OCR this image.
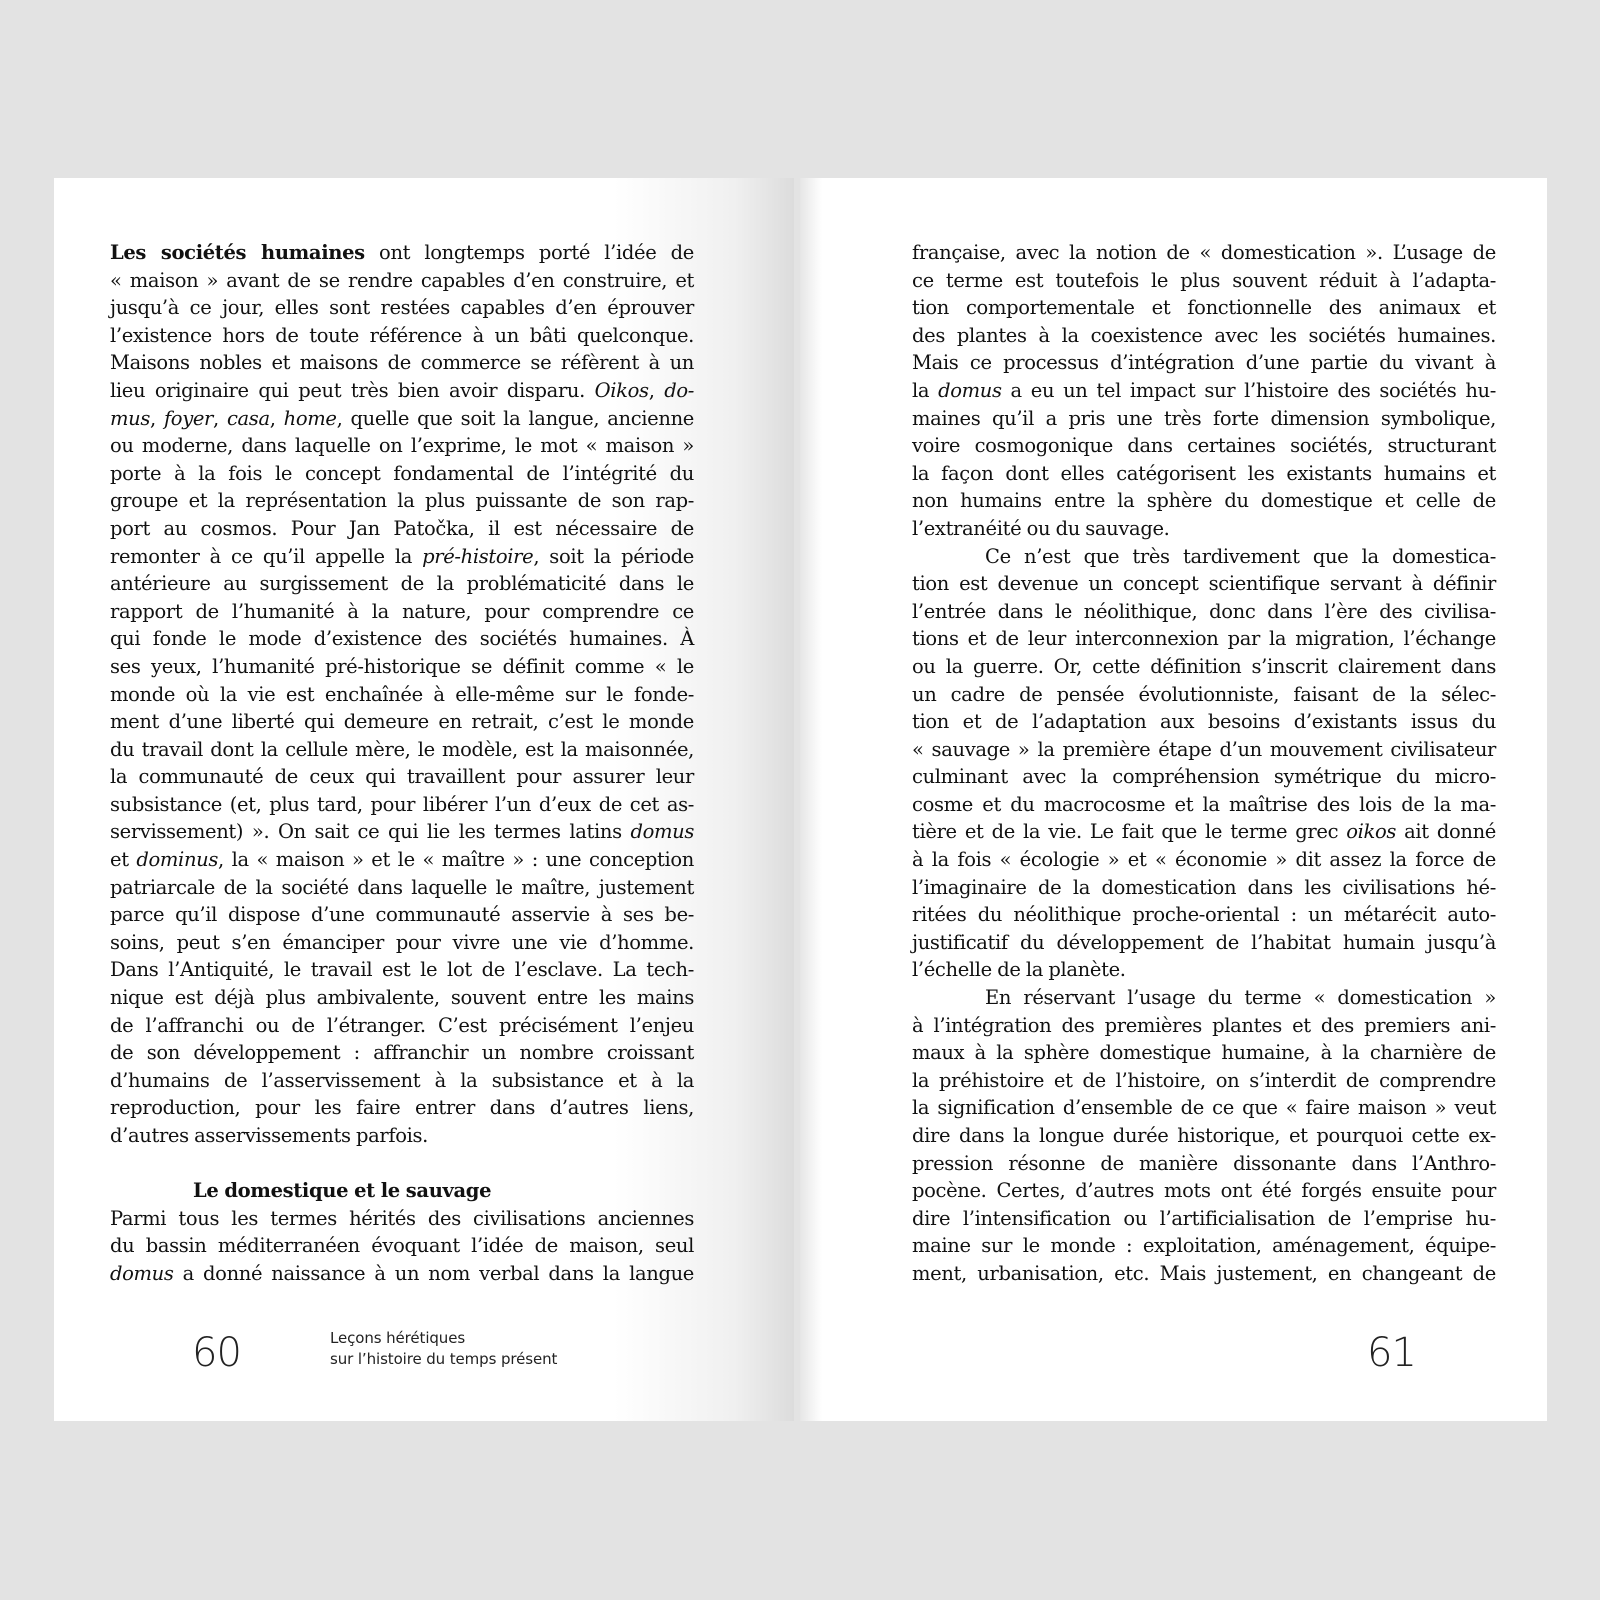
Les sociétés humaines ont longtemps porté l’idée de
« maison » avant de se rendre capables d’en construire, et
jusqu’à ce jour, elles sont restées capables d’en éprouver
l’existence hors de toute référence à un bâti quelconque.
Maisons nobles et maisons de commerce se réfèrent à un
lieu originaire qui peut très bien avoir disparu. Oikos, do-
mus, foyer, casa, home, quelle que soit la langue, ancienne
ou moderne, dans laquelle on l’exprime, le mot « maison »
porte à la fois le concept fondamental de l’intégrité du
groupe et la représentation la plus puissante de son rap-
port au cosmos. Pour Jan Patočka, il est nécessaire de
remonter à ce qu’il appelle la pré-histoire, soit la période
antérieure au surgissement de la problématicité dans le
rapport de l’humanité à la nature, pour comprendre ce
qui fonde le mode d’existence des sociétés humaines. À
ses yeux, l’humanité pré-historique se définit comme « le
monde où la vie est enchaînée à elle-même sur le fonde-
ment d’une liberté qui demeure en retrait, c’est le monde
du travail dont la cellule mère, le modèle, est la maisonnée,
la communauté de ceux qui travaillent pour assurer leur
subsistance (et, plus tard, pour libérer l’un d’eux de cet as-
servissement) ». On sait ce qui lie les termes latins domus
et dominus, la « maison » et le « maître » : une conception
patriarcale de la société dans laquelle le maître, justement
parce qu’il dispose d’une communauté asservie à ses be-
soins, peut s’en émanciper pour vivre une vie d’homme.
Dans l’Antiquité, le travail est le lot de l’esclave. La tech-
nique est déjà plus ambivalente, souvent entre les mains
de l’affranchi ou de l’étranger. C’est précisément l’enjeu
de son développement : affranchir un nombre croissant
d’humains de l’asservissement à la subsistance et à la
reproduction, pour les faire entrer dans d’autres liens,
d’autres asservissements parfois.
Le domestique et le sauvage
Parmi tous les termes hérités des civilisations anciennes
du bassin méditerranéen évoquant l’idée de maison, seul
domus a donné naissance à un nom verbal dans la langue
60	Leçons hérétiques
sur l’histoire du temps présent
française, avec la notion de « domestication ». L’usage de
ce terme est toutefois le plus souvent réduit à l’adapta-
tion comportementale et fonctionnelle des animaux et
des plantes à la coexistence avec les sociétés humaines.
Mais ce processus d’intégration d’une partie du vivant à
la domus a eu un tel impact sur l’histoire des sociétés hu-
maines qu’il a pris une très forte dimension symbolique,
voire cosmogonique dans certaines sociétés, structurant
la façon dont elles catégorisent les existants humains et
non humains entre la sphère du domestique et celle de
l’extranéité ou du sauvage.
Ce n’est que très tardivement que la domestica-
tion est devenue un concept scientifique servant à définir
l’entrée dans le néolithique, donc dans l’ère des civilisa-
tions et de leur interconnexion par la migration, l’échange
ou la guerre. Or, cette définition s’inscrit clairement dans
un cadre de pensée évolutionniste, faisant de la sélec-
tion et de l’adaptation aux besoins d’existants issus du
« sauvage » la première étape d’un mouvement civilisateur
culminant avec la compréhension symétrique du micro-
cosme et du macrocosme et la maîtrise des lois de la ma-
tière et de la vie. Le fait que le terme grec oikos ait donné
à la fois « écologie » et « économie » dit assez la force de
l’imaginaire de la domestication dans les civilisations hé-
ritées du néolithique proche-oriental : un métarécit auto-
justificatif du développement de l’habitat humain jusqu’à
l’échelle de la planète.
En réservant l’usage du terme « domestication »
à l’intégration des premières plantes et des premiers ani-
maux à la sphère domestique humaine, à la charnière de
la préhistoire et de l’histoire, on s’interdit de comprendre
la signification d’ensemble de ce que « faire maison » veut
dire dans la longue durée historique, et pourquoi cette ex-
pression résonne de manière dissonante dans l’Anthro-
pocène. Certes, d’autres mots ont été forgés ensuite pour
dire l’intensification ou l’artificialisation de l’emprise hu-
maine sur le monde : exploitation, aménagement, équipe-
ment, urbanisation, etc. Mais justement, en changeant de
61
